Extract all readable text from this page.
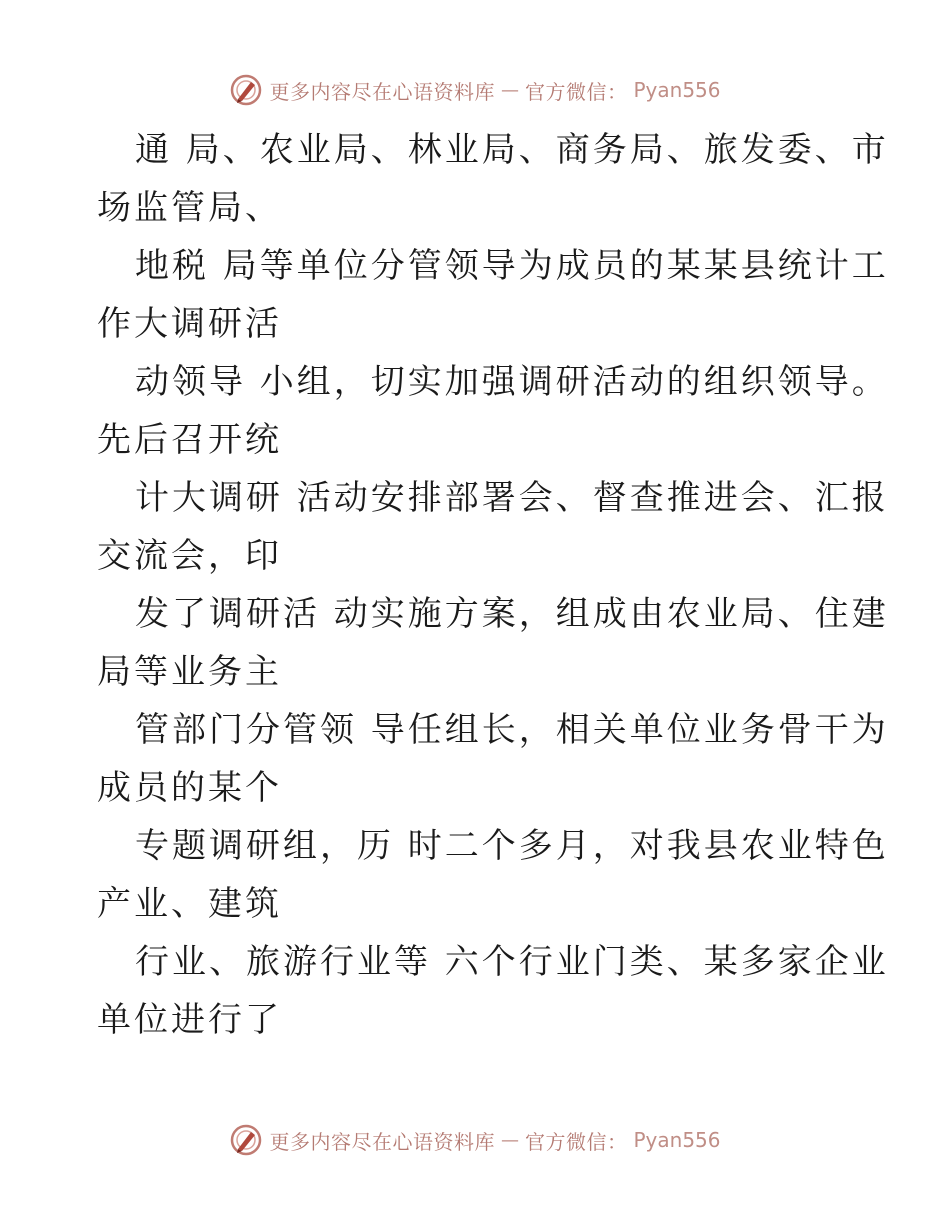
更多内容尽在心语资料库 — 官方微信： Pyan556
通 局、农业局、林业局、商务局、旅发委、市
场监管局、
地税 局等单位分管领导为成员的某某县统计工
作大调研活
动领导 小组，切实加强调研活动的组织领导。
先后召开统
计大调研 活动安排部署会、督查推进会、汇报
交流会，印
发了调研活 动实施方案，组成由农业局、住建
局等业务主
管部门分管领 导任组长，相关单位业务骨干为
成员的某个
专题调研组，历 时二个多月，对我县农业特色
产业、建筑
行业、旅游行业等 六个行业门类、某多家企业
单位进行了
更多内容尽在心语资料库 — 官方微信： Pyan556
